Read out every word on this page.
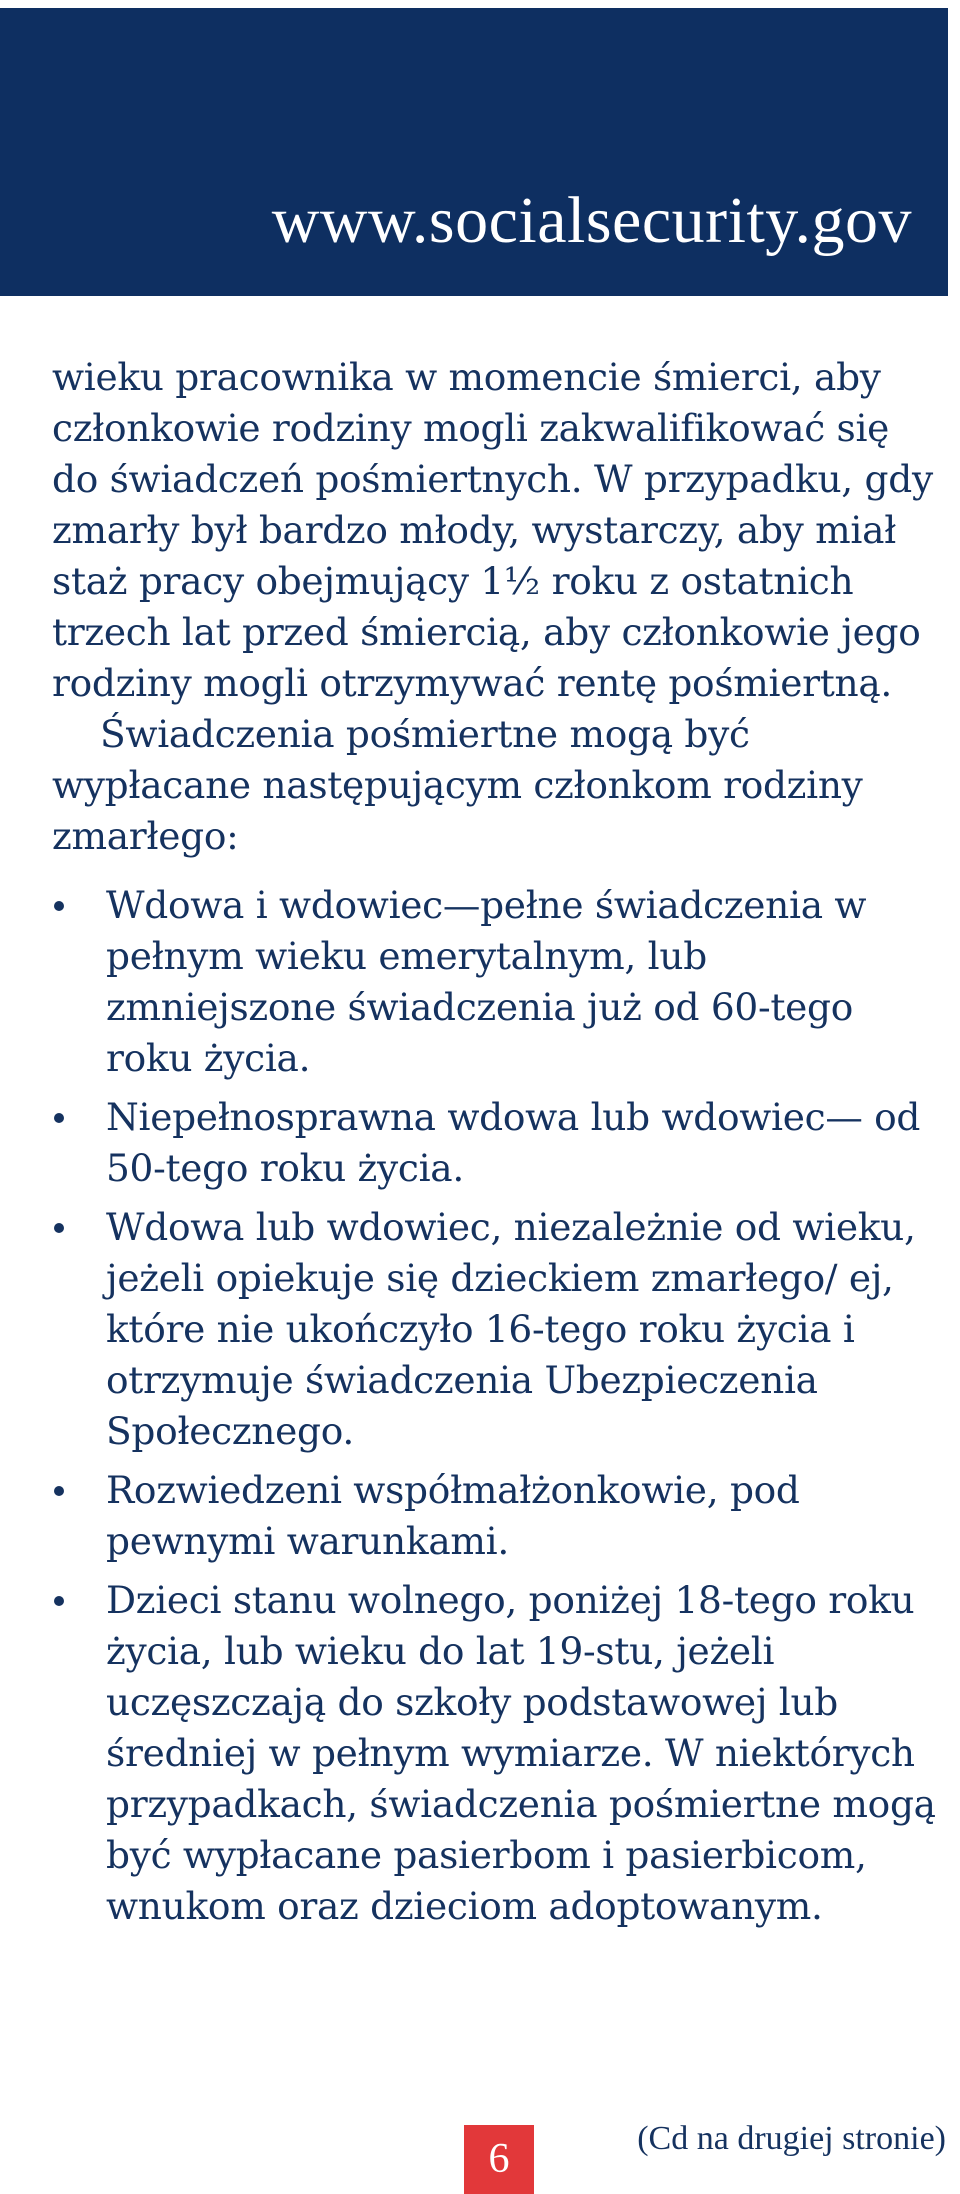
www.socialsecurity.gov

wieku pracownika w momencie śmierci, aby członkowie rodziny mogli zakwalifikować się do świadczeń pośmiertnych. W przypadku, gdy zmarły był bardzo młody, wystarczy, aby miał staż pracy obejmujący 1½ roku z ostatnich trzech lat przed śmiercią, aby członkowie jego rodziny mogli otrzymywać rentę pośmiertną.

Świadczenia pośmiertne mogą być wypłacane następującym członkom rodziny zmarłego:

Wdowa i wdowiec—pełne świadczenia w pełnym wieku emerytalnym, lub zmniejszone świadczenia już od 60-tego roku życia.
Niepełnosprawna wdowa lub wdowiec— od 50-tego roku życia.
Wdowa lub wdowiec, niezależnie od wieku, jeżeli opiekuje się dzieckiem zmarłego/ ej, które nie ukończyło 16-tego roku życia i otrzymuje świadczenia Ubezpieczenia Społecznego.
Rozwiedzeni współmałżonkowie, pod pewnymi warunkami.
Dzieci stanu wolnego, poniżej 18-tego roku życia, lub wieku do lat 19-stu, jeżeli uczęszczają do szkoły podstawowej lub średniej w pełnym wymiarze. W niektórych przypadkach, świadczenia pośmiertne mogą być wypłacane pasierbom i pasierbicom, wnukom oraz dzieciom adoptowanym.
6	(Cd na drugiej stronie)
